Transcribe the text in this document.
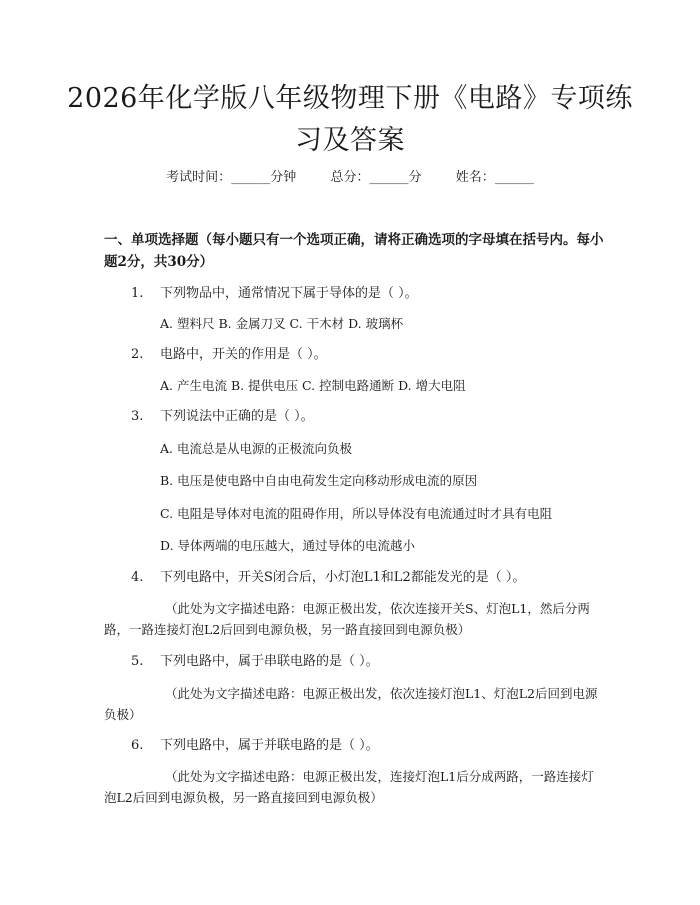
2026年化学版八年级物理下册《电路》专项练习及答案
考试时间：______分钟	总分：______分	姓名：______
一、单项选择题（每小题只有一个选项正确，请将正确选项的字母填在括号内。每小题2分，共30分）
1. 下列物品中，通常情况下属于导体的是（ ）。
A. 塑料尺 B. 金属刀叉 C. 干木材 D. 玻璃杯
2. 电路中，开关的作用是（ ）。
A. 产生电流 B. 提供电压 C. 控制电路通断 D. 增大电阻
3. 下列说法中正确的是（ ）。
A. 电流总是从电源的正极流向负极
B. 电压是使电路中自由电荷发生定向移动形成电流的原因
C. 电阻是导体对电流的阻碍作用，所以导体没有电流通过时才具有电阻
D. 导体两端的电压越大，通过导体的电流越小
4. 下列电路中，开关S闭合后，小灯泡L1和L2都能发光的是（ ）。
（此处为文字描述电路：电源正极出发，依次连接开关S、灯泡L1，然后分两路，一路连接灯泡L2后回到电源负极，另一路直接回到电源负极）
5. 下列电路中，属于串联电路的是（ ）。
（此处为文字描述电路：电源正极出发，依次连接灯泡L1、灯泡L2后回到电源负极）
6. 下列电路中，属于并联电路的是（ ）。
（此处为文字描述电路：电源正极出发，连接灯泡L1后分成两路，一路连接灯泡L2后回到电源负极，另一路直接回到电源负极）
